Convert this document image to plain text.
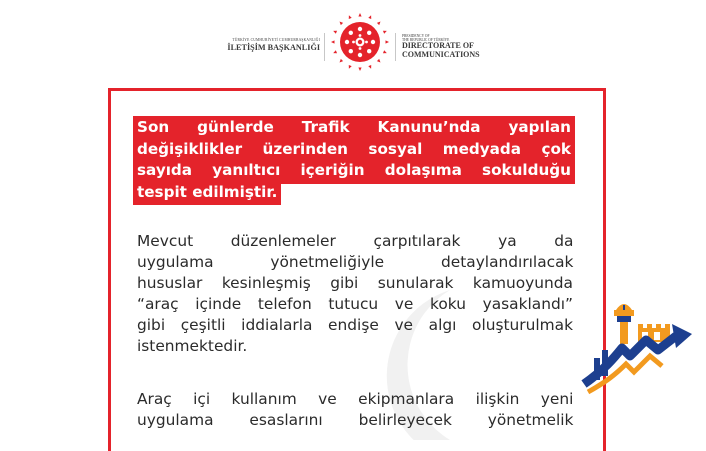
TÜRKİYE CUMHURİYETİ CUMHURBAŞKANLIĞI
İLETİŞİM BAŞKANLIĞI
PRESIDENCY OF
THE REPUBLIC OF TÜRKİYE
DIRECTORATE OF
COMMUNICATIONS
Son günlerde Trafik Kanunu’nda yapılan
değişiklikler üzerinden sosyal medyada çok
sayıda yanıltıcı içeriğin dolaşıma sokulduğu
tespit edilmiştir.
Mevcut düzenlemeler çarpıtılarak ya da
uygulama yönetmeliğiyle detaylandırılacak
hususlar kesinleşmiş gibi sunularak kamuoyunda
“araç içinde telefon tutucu ve koku yasaklandı”
gibi çeşitli iddialarla endişe ve algı oluşturulmak
istenmektedir.
Araç içi kullanım ve ekipmanlara ilişkin yeni
uygulama esaslarını belirleyecek yönetmelik
